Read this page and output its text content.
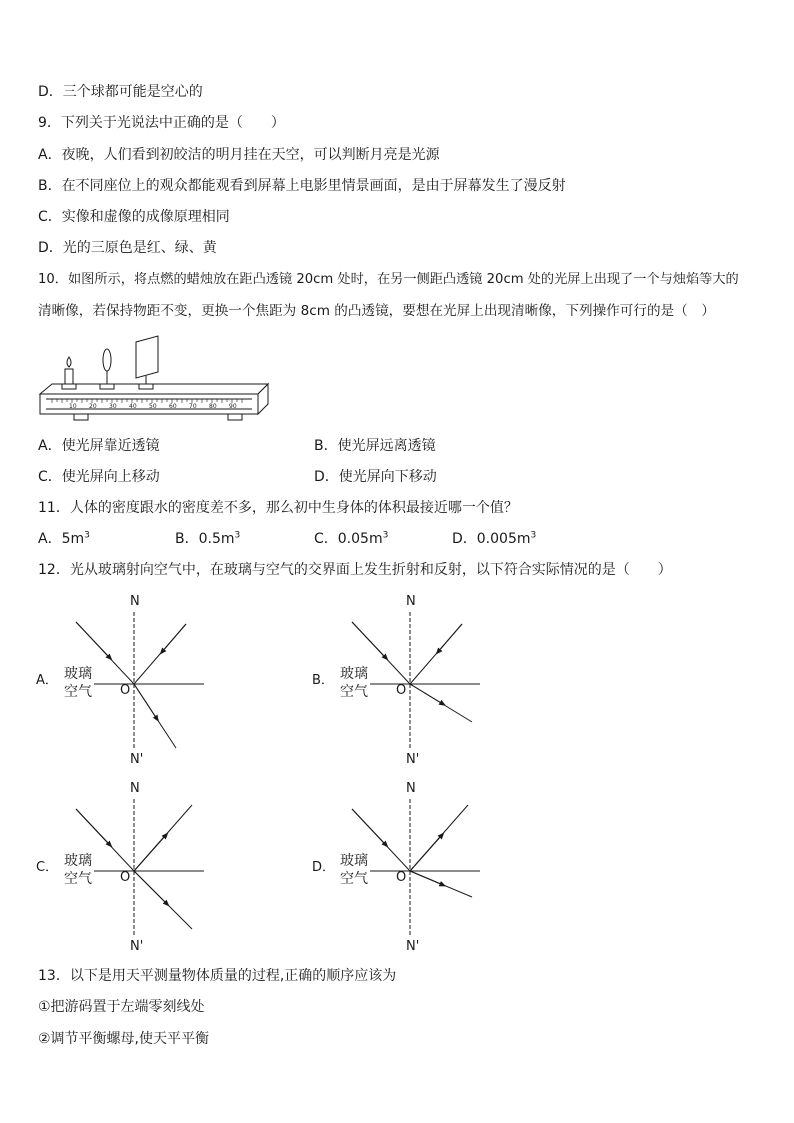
D．三个球都可能是空心的
9．下列关于光说法中正确的是（　　）
A．夜晚，人们看到初皎洁的明月挂在天空，可以判断月亮是光源
B．在不同座位上的观众都能观看到屏幕上电影里情景画面，是由于屏幕发生了漫反射
C．实像和虚像的成像原理相同
D．光的三原色是红、绿、黄
10．如图所示，将点燃的蜡烛放在距凸透镜 20cm 处时，在另一侧距凸透镜 20cm 处的光屏上出现了一个与烛焰等大的
清晰像，若保持物距不变，更换一个焦距为 8cm 的凸透镜，要想在光屏上出现清晰像，下列操作可行的是（　）
10 20 30 40 50 60 70 80 90
A．使光屏靠近透镜	B．使光屏远离透镜
C．使光屏向上移动	D．使光屏向下移动
11．人体的密度跟水的密度差不多，那么初中生身体的体积最接近哪一个值？
A．$5m^3$	B．$0.5m^3$	C．$0.05m^3$	D．$0.005m^3$
12．光从玻璃射向空气中，在玻璃与空气的交界面上发生折射和反射，以下符合实际情况的是（　　）
A．
N
N'
玻璃
空气 O
B．
N
N'
玻璃
空气 O
C．
N
N'
玻璃
空气 O
D．
N
N'
玻璃
空气 O
13．以下是用天平测量物体质量的过程,正确的顺序应该为
①把游码置于左端零刻线处
②调节平衡螺母,使天平平衡
